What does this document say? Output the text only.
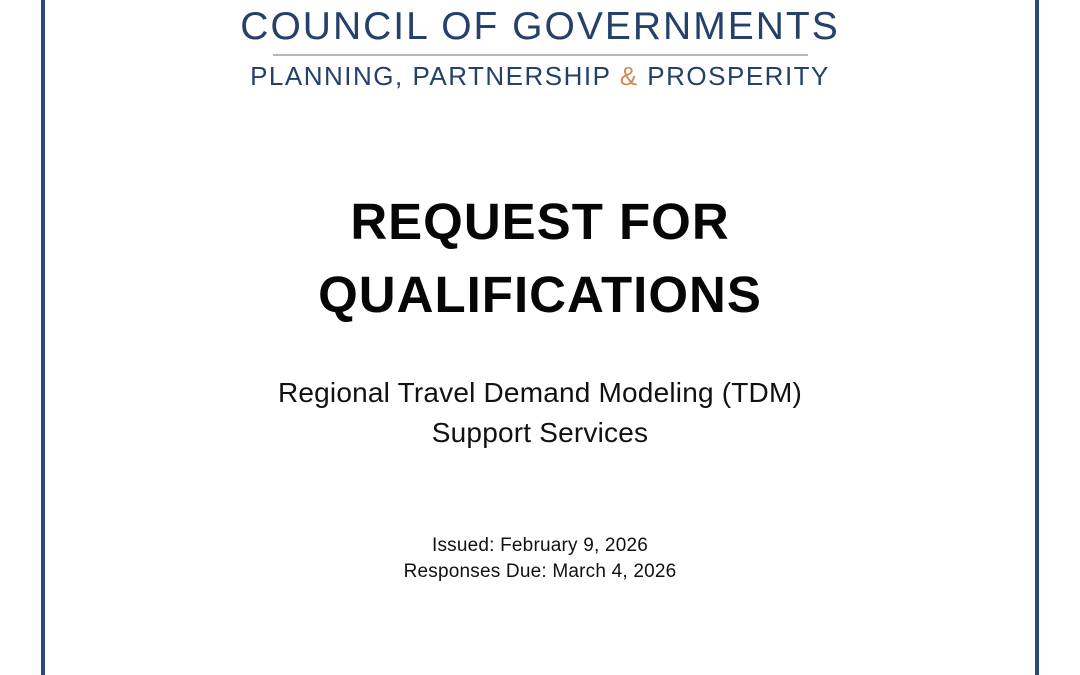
COUNCIL OF GOVERNMENTS
PLANNING, PARTNERSHIP & PROSPERITY
REQUEST FOR
QUALIFICATIONS
Regional Travel Demand Modeling (TDM)
Support Services
Issued: February 9, 2026
Responses Due: March 4, 2026
